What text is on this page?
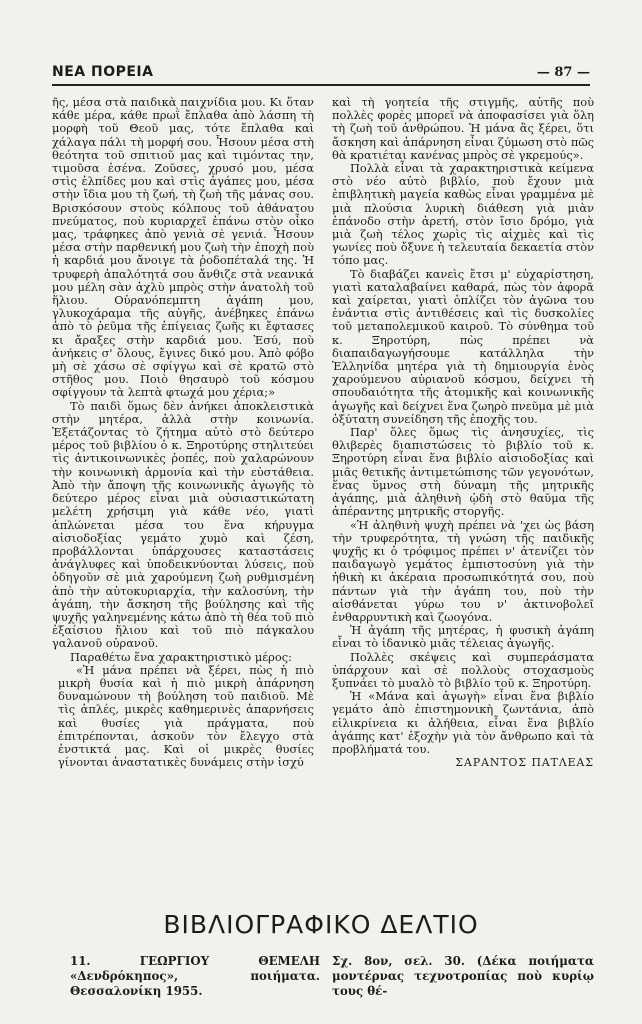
ΝΕΑ ΠΟΡΕΙΑ	— 87 —

ῆς, μέσα στὰ παιδικὰ παιχνίδια μου. Κι ὅταν κάθε μέρα, κάθε πρωῒ ἔπλαθα ἀπὸ λάσπη τὴ μορφὴ τοῦ Θεοῦ μας, τότε ἔπλαθα καὶ χάλαγα πάλι τὴ μορφή σου. Ἦσουν μέσα στὴ θεότητα τοῦ σπιτιοῦ μας καὶ τιμόντας την, τιμοῦσα ἐσένα. Ζοῦσες, χρυσό μου, μέσα στὶς ἐλπίδες μου καὶ στὶς ἀγάπες μου, μέσα στὴν ἴδια μου τὴ ζωή, τὴ ζωὴ τῆς μάνας σου. Βρισκόσουν στοὺς κόλπους τοῦ ἀθάνατου πνεύματος, ποὺ κυριαρχεῖ ἐπάνω στὸν οἶκο μας, τράφηκες ἀπὸ γενιὰ σὲ γενιά. Ἦσουν μέσα στὴν παρθενική μου ζωὴ τὴν ἐποχὴ ποὺ ἡ καρδιά μου ἄνοιγε τὰ ῥοδοπέταλά της. Ἡ τρυφερὴ ἀπαλότητά σου ἄνθιζε στὰ νεανικά μου μέλη σὰν ἀχλὺ μπρὸς στὴν ἀνατολὴ τοῦ ἥλιου. Οὐρανόπεμπτη ἀγάπη μου, γλυκοχάραμα τῆς αὐγῆς, ἀνέβηκες ἐπάνω ἀπὸ τὸ ῥεῦμα τῆς ἐπίγειας ζωῆς κι ἔφτασες κι ἄραξες στὴν καρδιά μου. Ἐσύ, ποὺ ἀνήκεις σ' ὅλους, ἔγινες δικό μου. Ἀπὸ φόβο μὴ σὲ χάσω σὲ σφίγγω καὶ σὲ κρατῶ στὸ στῆθος μου. Ποιὸ θησαυρὸ τοῦ κόσμου σφίγγουν τὰ λεπτὰ φτωχά μου χέρια;»

Τὸ παιδὶ ὅμως δὲν ἀνήκει ἀποκλειστικὰ στὴν μητέρα, ἀλλὰ στὴν κοινωνία. Ἐξετάζοντας τὸ ζήτημα αὐτὸ στὸ δεύτερο μέρος τοῦ βιβλίου ὁ κ. Ξηροτύρης στηλιτεύει τὶς ἀντικοινωνικὲς ῥοπές, ποὺ χαλαρώνουν τὴν κοινωνικὴ ἁρμονία καὶ τὴν εὐστάθεια. Ἀπὸ τὴν ἄποψη τῆς κοινωνικῆς ἀγωγῆς τὸ δεύτερο μέρος εἶναι μιὰ οὐσιαστικώτατη μελέτη χρήσιμη γιὰ κάθε νέο, γιατὶ ἁπλώνεται μέσα του ἕνα κήρυγμα αἰσιοδοξίας γεμάτο χυμὸ καὶ ζέση, προβάλλονται ὑπάρχουσες καταστάσεις ἀνάγλυφες καὶ ὑποδεικνύονται λύσεις, ποὺ ὁδηγοῦν σὲ μιὰ χαρούμενη ζωὴ ρυθμισμένη ἀπὸ τὴν αὐτοκυριαρχία, τὴν καλοσύνη, τὴν ἀγάπη, τὴν ἄσκηση τῆς βούλησης καὶ τῆς ψυχῆς γαληνεμένης κάτω ἀπὸ τὴ θέα τοῦ πιὸ ἐξαίσιου ἥλιου καὶ τοῦ πιὸ πάγκαλου γαλανοῦ οὐρανοῦ.

Παραθέτω ἕνα χαρακτηριστικὸ μέρος:

«Ἡ μάνα πρέπει νὰ ξέρει, πὼς ἡ πιὸ μικρὴ θυσία καὶ ἡ πιὸ μικρὴ ἀπάρνηση δυναμώνουν τὴ βούληση τοῦ παιδιοῦ. Μὲ τὶς ἁπλές, μικρὲς καθημερινὲς ἀπαρνήσεις καὶ θυσίες γιὰ πράγματα, ποὺ ἐπιτρέπονται, ἀσκοῦν τὸν ἔλεγχο στὰ ἐνστικτά μας. Καὶ οἱ μικρὲς θυσίες γίνονται ἀναστατικὲς δυνάμεις στὴν ἰσχύ

καὶ τὴ γοητεία τῆς στιγμῆς, αὐτῆς ποὺ πολλὲς φορὲς μπορεῖ νὰ ἀποφασίσει γιὰ ὅλη τὴ ζωὴ τοῦ ἀνθρώπου. Ἡ μάνα ἂς ξέρει, ὅτι ἄσκηση καὶ ἀπάρνηση εἶναι ζύμωση στὸ πῶς θὰ κρατιέται κανένας μπρὸς σὲ γκρεμούς».

Πολλὰ εἶναι τὰ χαρακτηριστικὰ κείμενα στὸ νέο αὐτὸ βιβλίο, ποὺ ἔχουν μιὰ ἐπιβλητικὴ μαγεία καθὼς εἶναι γραμμένα μὲ μιὰ πλούσια λυρικὴ διάθεση γιὰ μιὰν ἐπάνοδο στὴν ἀρετή, στὸν ἴσιο δρόμο, γιὰ μιὰ ζωὴ τέλος χωρὶς τὶς αἰχμὲς καὶ τὶς γωνίες ποὺ ὄξυνε ἡ τελευταία δεκαετία στὸν τόπο μας.

Τὸ διαβάζει κανεὶς ἔτσι μ' εὐχαρίστηση, γιατὶ καταλαβαίνει καθαρά, πὼς τὸν ἀφορᾶ καὶ χαίρεται, γιατὶ ὁπλίζει τὸν ἀγῶνα του ἐνάντια στὶς ἀντιθέσεις καὶ τὶς δυσκολίες τοῦ μεταπολεμικοῦ καιροῦ. Τὸ σύνθημα τοῦ κ. Ξηροτύρη, πὼς πρέπει νὰ διαπαιδαγωγήσουμε κατάλληλα τὴν Ἑλληνίδα μητέρα γιὰ τὴ δημιουργία ἑνὸς χαρούμενου αὐριανοῦ κόσμου, δείχνει τὴ σπουδαιότητα τῆς ἀτομικῆς καὶ κοινωνικῆς ἀγωγῆς καὶ δείχνει ἕνα ζωηρὸ πνεῦμα μὲ μιὰ ὀξύτατη συνείδηση τῆς ἐποχῆς του.

Παρ' ὅλες ὅμως τὶς ἀνησυχίες, τὶς θλιβερὲς διαπιστώσεις τὸ βιβλίο τοῦ κ. Ξηροτύρη εἶναι ἕνα βιβλίο αἰσιοδοξίας καὶ μιᾶς θετικῆς ἀντιμετώπισης τῶν γεγονότων, ἕνας ὕμνος στὴ δύναμη τῆς μητρικῆς ἀγάπης, μιὰ ἀληθινὴ ᾠδὴ στὸ θαῦμα τῆς ἀπέραντης μητρικῆς στοργῆς.

«Ἡ ἀληθινὴ ψυχὴ πρέπει νὰ 'χει ὡς βάση τὴν τρυφερότητα, τὴ γνώση τῆς παιδικῆς ψυχῆς κι ὁ τρόφιμος πρέπει ν' ἀτενίζει τὸν παιδαγωγὸ γεμάτος ἐμπιστοσύνη γιὰ τὴν ἠθικὴ κι ἀκέραια προσωπικότητά σου, ποὺ πάντων γιὰ τὴν ἀγάπη του, ποὺ τὴν αἰσθάνεται γύρω του ν' ἀκτινοβολεῖ ἐνθαρρυντικὴ καὶ ζωογόνα.

Ἡ ἀγάπη τῆς μητέρας, ἡ φυσικὴ ἀγάπη εἶναι τὸ ἰδανικὸ μιᾶς τέλειας ἀγωγῆς.

Πολλὲς σκέψεις καὶ συμπεράσματα ὑπάρχουν καὶ σὲ πολλοὺς στοχασμοὺς ξυπνάει τὸ μυαλὸ τὸ βιβλίο τοῦ κ. Ξηροτύρη.

Ἡ «Μάνα καὶ ἀγωγὴ» εἶναι ἕνα βιβλίο γεμάτο ἀπὸ ἐπιστημονικὴ ζωντάνια, ἀπὸ εἰλικρίνεια κι ἀλήθεια, εἶναι ἕνα βιβλίο ἀγάπης κατ' ἐξοχὴν γιὰ τὸν ἄνθρωπο καὶ τὰ προβλήματά του.

ΣΑΡΑΝΤΟΣ ΠΑΤΛΕΑΣ

ΒΙΒΛΙΟΓΡΑΦΙΚΟ ΔΕΛΤΙΟ
11. ΓΕΩΡΓΙΟΥ ΘΕΜΕΛΗ «Δενδρόκηπος», ποιήματα. Θεσσαλονίκη 1955.
Σχ. 8ον, σελ. 30. (Δέκα ποιήματα μοντέρνας τεχνοτροπίας ποὺ κυρίῳ τους θέ-
